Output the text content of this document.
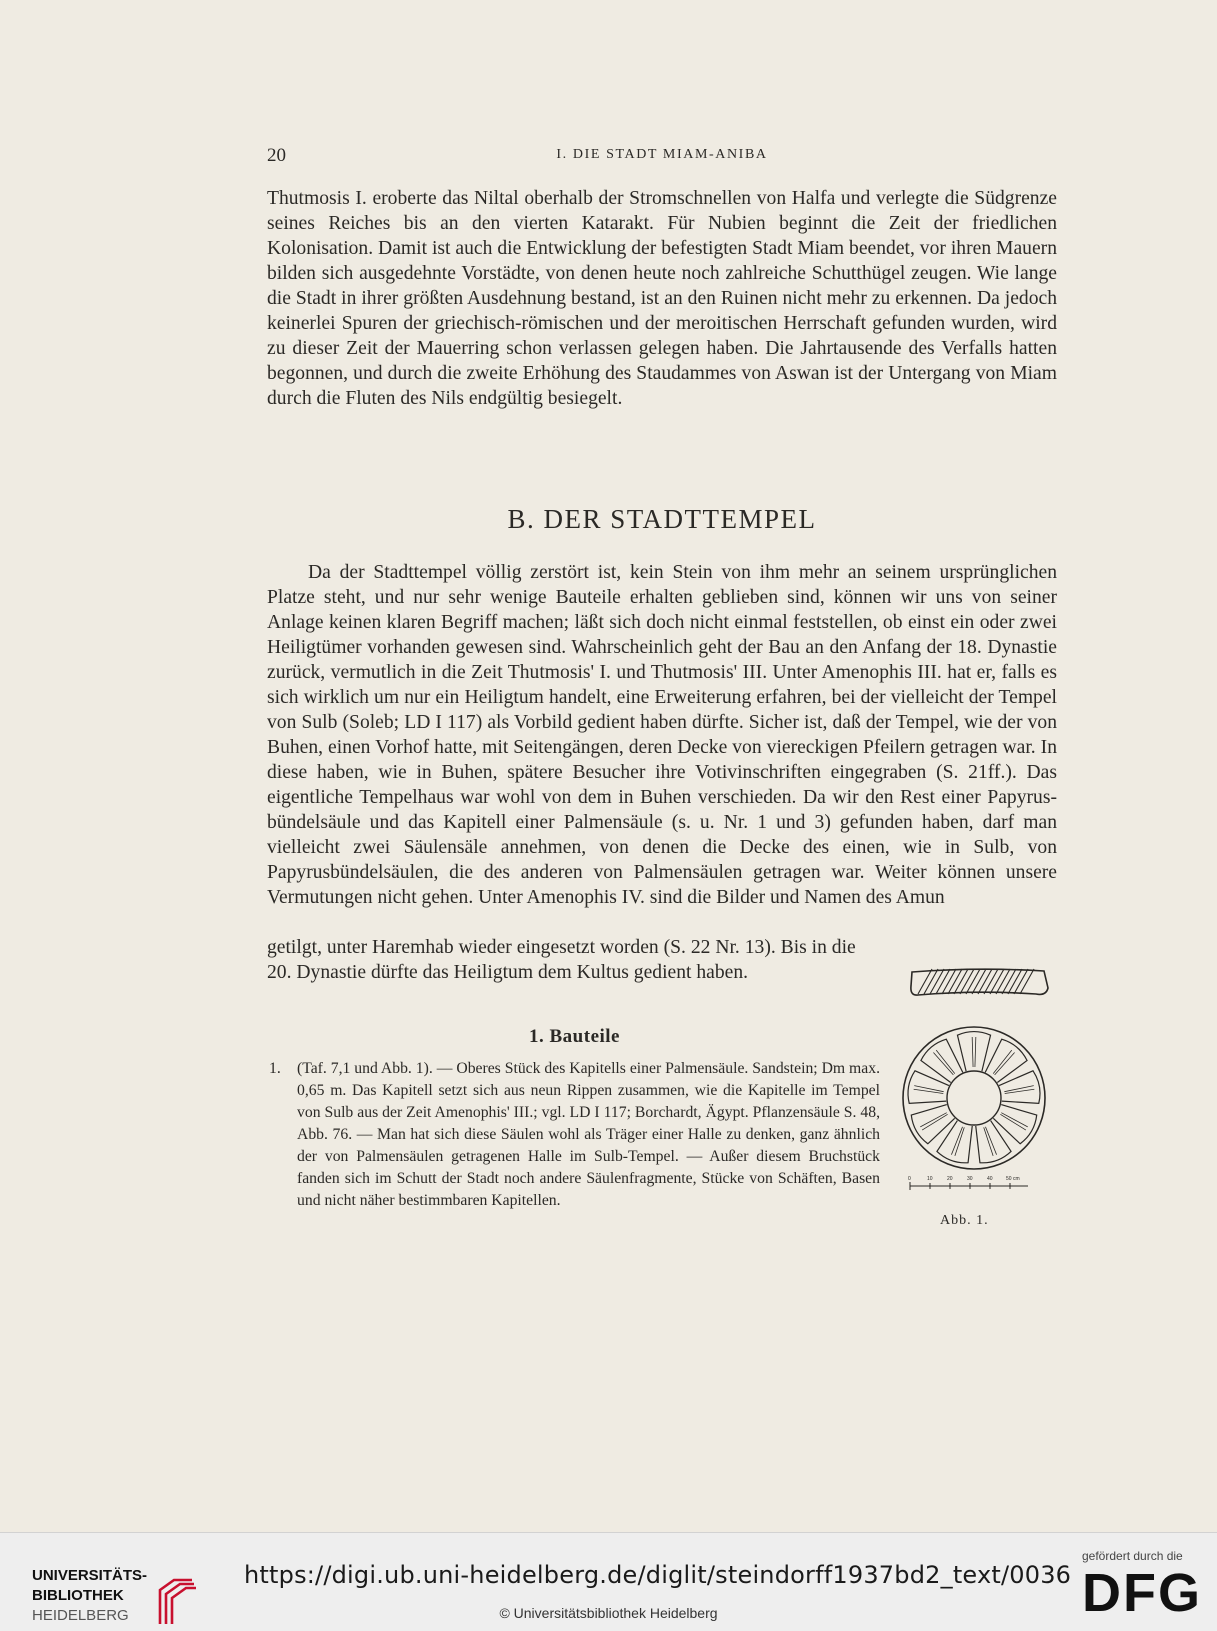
20	I. DIE STADT MIAM-ANIBA

Thutmosis I. eroberte das Niltal oberhalb der Stromschnellen von Halfa und verlegte die Südgrenze seines Reiches bis an den vierten Katarakt. Für Nubien beginnt die Zeit der friedlichen Kolonisation. Damit ist auch die Entwicklung der befestigten Stadt Miam beendet, vor ihren Mauern bilden sich ausgedehnte Vorstädte, von denen heute noch zahlreiche Schutthügel zeugen. Wie lange die Stadt in ihrer größten Ausdehnung bestand, ist an den Ruinen nicht mehr zu erkennen. Da jedoch keinerlei Spuren der griechisch-römischen und der meroitischen Herrschaft gefunden wurden, wird zu dieser Zeit der Mauerring schon verlassen gelegen haben. Die Jahrtausende des Verfalls hatten begonnen, und durch die zweite Erhöhung des Staudammes von Aswan ist der Untergang von Miam durch die Fluten des Nils endgültig besiegelt.

B. DER STADTTEMPEL

Da der Stadttempel völlig zerstört ist, kein Stein von ihm mehr an seinem ursprünglichen Platze steht, und nur sehr wenige Bauteile erhalten geblieben sind, können wir uns von seiner Anlage keinen klaren Begriff machen; läßt sich doch nicht einmal feststellen, ob einst ein oder zwei Heiligtümer vorhanden gewesen sind. Wahrscheinlich geht der Bau an den Anfang der 18. Dynastie zurück, vermutlich in die Zeit Thutmosis' I. und Thutmosis' III. Unter Amenophis III. hat er, falls es sich wirklich um nur ein Heiligtum handelt, eine Erweiterung erfahren, bei der vielleicht der Tempel von Sulb (Soleb; LD I 117) als Vorbild gedient haben dürfte. Sicher ist, daß der Tempel, wie der von Buhen, einen Vorhof hatte, mit Seitengängen, deren Decke von viereckigen Pfeilern getragen war. In diese haben, wie in Buhen, spätere Besucher ihre Votivinschriften eingegraben (S. 21ff.). Das eigentliche Tempelhaus war wohl von dem in Buhen verschieden. Da wir den Rest einer Papyrusbündelsäule und das Kapitell einer Palmensäule (s. u. Nr. 1 und 3) gefunden haben, darf man vielleicht zwei Säulensäle annehmen, von denen die Decke des einen, wie in Sulb, von Papyrusbündelsäulen, die des anderen von Palmensäulen getragen war. Weiter können unsere Vermutungen nicht gehen. Unter Amenophis IV. sind die Bilder und Namen des Amun

getilgt, unter Haremhab wieder eingesetzt worden (S. 22 Nr. 13). Bis in die 20. Dynastie dürfte das Heiligtum dem Kultus gedient haben.

0	10	20	30	40	50 cm
Abb. 1.
1. Bauteile
1. (Taf. 7,1 und Abb. 1). — Oberes Stück des Kapitells einer Palmensäule. Sandstein; Dm max. 0,65 m. Das Kapitell setzt sich aus neun Rippen zusammen, wie die Kapitelle im Tempel von Sulb aus der Zeit Amenophis' III.; vgl. LD I 117; Borchardt, Ägypt. Pflanzensäule S. 48, Abb. 76. — Man hat sich diese Säulen wohl als Träger einer Halle zu denken, ganz ähnlich der von Palmensäulen getragenen Halle im Sulb-Tempel. — Außer diesem Bruchstück fanden sich im Schutt der Stadt noch andere Säulenfragmente, Stücke von Schäften, Basen und nicht näher bestimmbaren Kapitellen.

UNIVERSITÄTS-
BIBLIOTHEK
HEIDELBERG
https://digi.ub.uni-heidelberg.de/diglit/steindorff1937bd2_text/0036
© Universitätsbibliothek Heidelberg
gefördert durch die
DFG
